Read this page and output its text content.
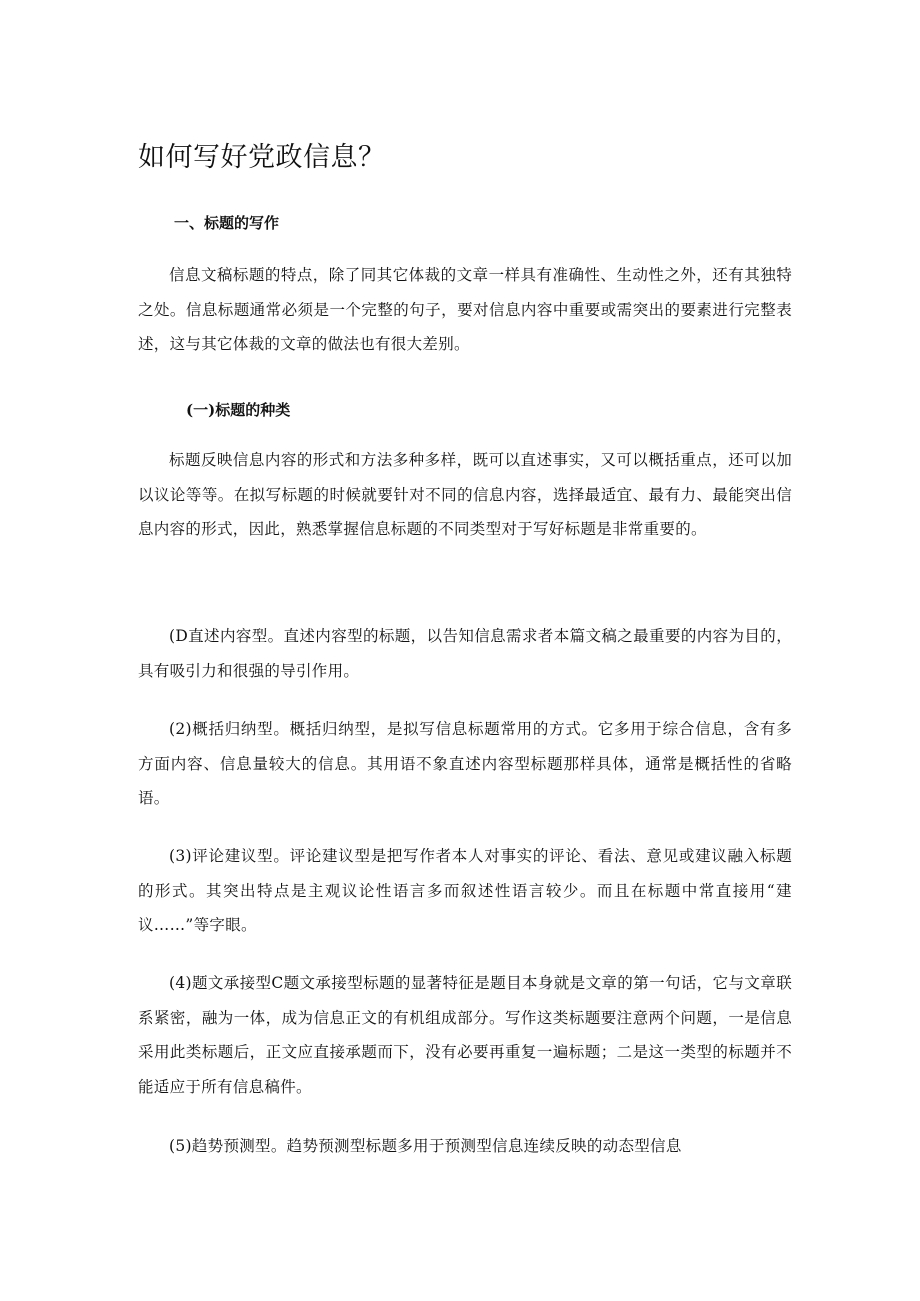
如何写好党政信息？
一、标题的写作

信息文稿标题的特点，除了同其它体裁的文章一样具有准确性、生动性之外，还有其独特之处。信息标题通常必须是一个完整的句子，要对信息内容中重要或需突出的要素进行完整表述，这与其它体裁的文章的做法也有很大差别。

(一)标题的种类

标题反映信息内容的形式和方法多种多样，既可以直述事实，又可以概括重点，还可以加以议论等等。在拟写标题的时候就要针对不同的信息内容，选择最适宜、最有力、最能突出信息内容的形式，因此，熟悉掌握信息标题的不同类型对于写好标题是非常重要的。

(D直述内容型。直述内容型的标题，以告知信息需求者本篇文稿之最重要的内容为目的，具有吸引力和很强的导引作用。

(2)概括归纳型。概括归纳型，是拟写信息标题常用的方式。它多用于综合信息，含有多方面内容、信息量较大的信息。其用语不象直述内容型标题那样具体，通常是概括性的省略语。

(3)评论建议型。评论建议型是把写作者本人对事实的评论、看法、意见或建议融入标题的形式。其突出特点是主观议论性语言多而叙述性语言较少。而且在标题中常直接用“建议……”等字眼。

(4)题文承接型C题文承接型标题的显著特征是题目本身就是文章的第一句话，它与文章联系紧密，融为一体，成为信息正文的有机组成部分。写作这类标题要注意两个问题，一是信息采用此类标题后，正文应直接承题而下，没有必要再重复一遍标题；二是这一类型的标题并不能适应于所有信息稿件。

(5)趋势预测型。趋势预测型标题多用于预测型信息连续反映的动态型信息
